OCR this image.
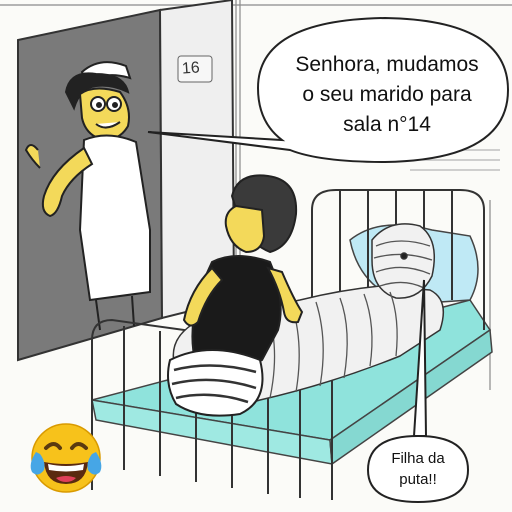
16	Senhora, mudamos
o seu marido para
sala n°14
Filha da
puta!!
